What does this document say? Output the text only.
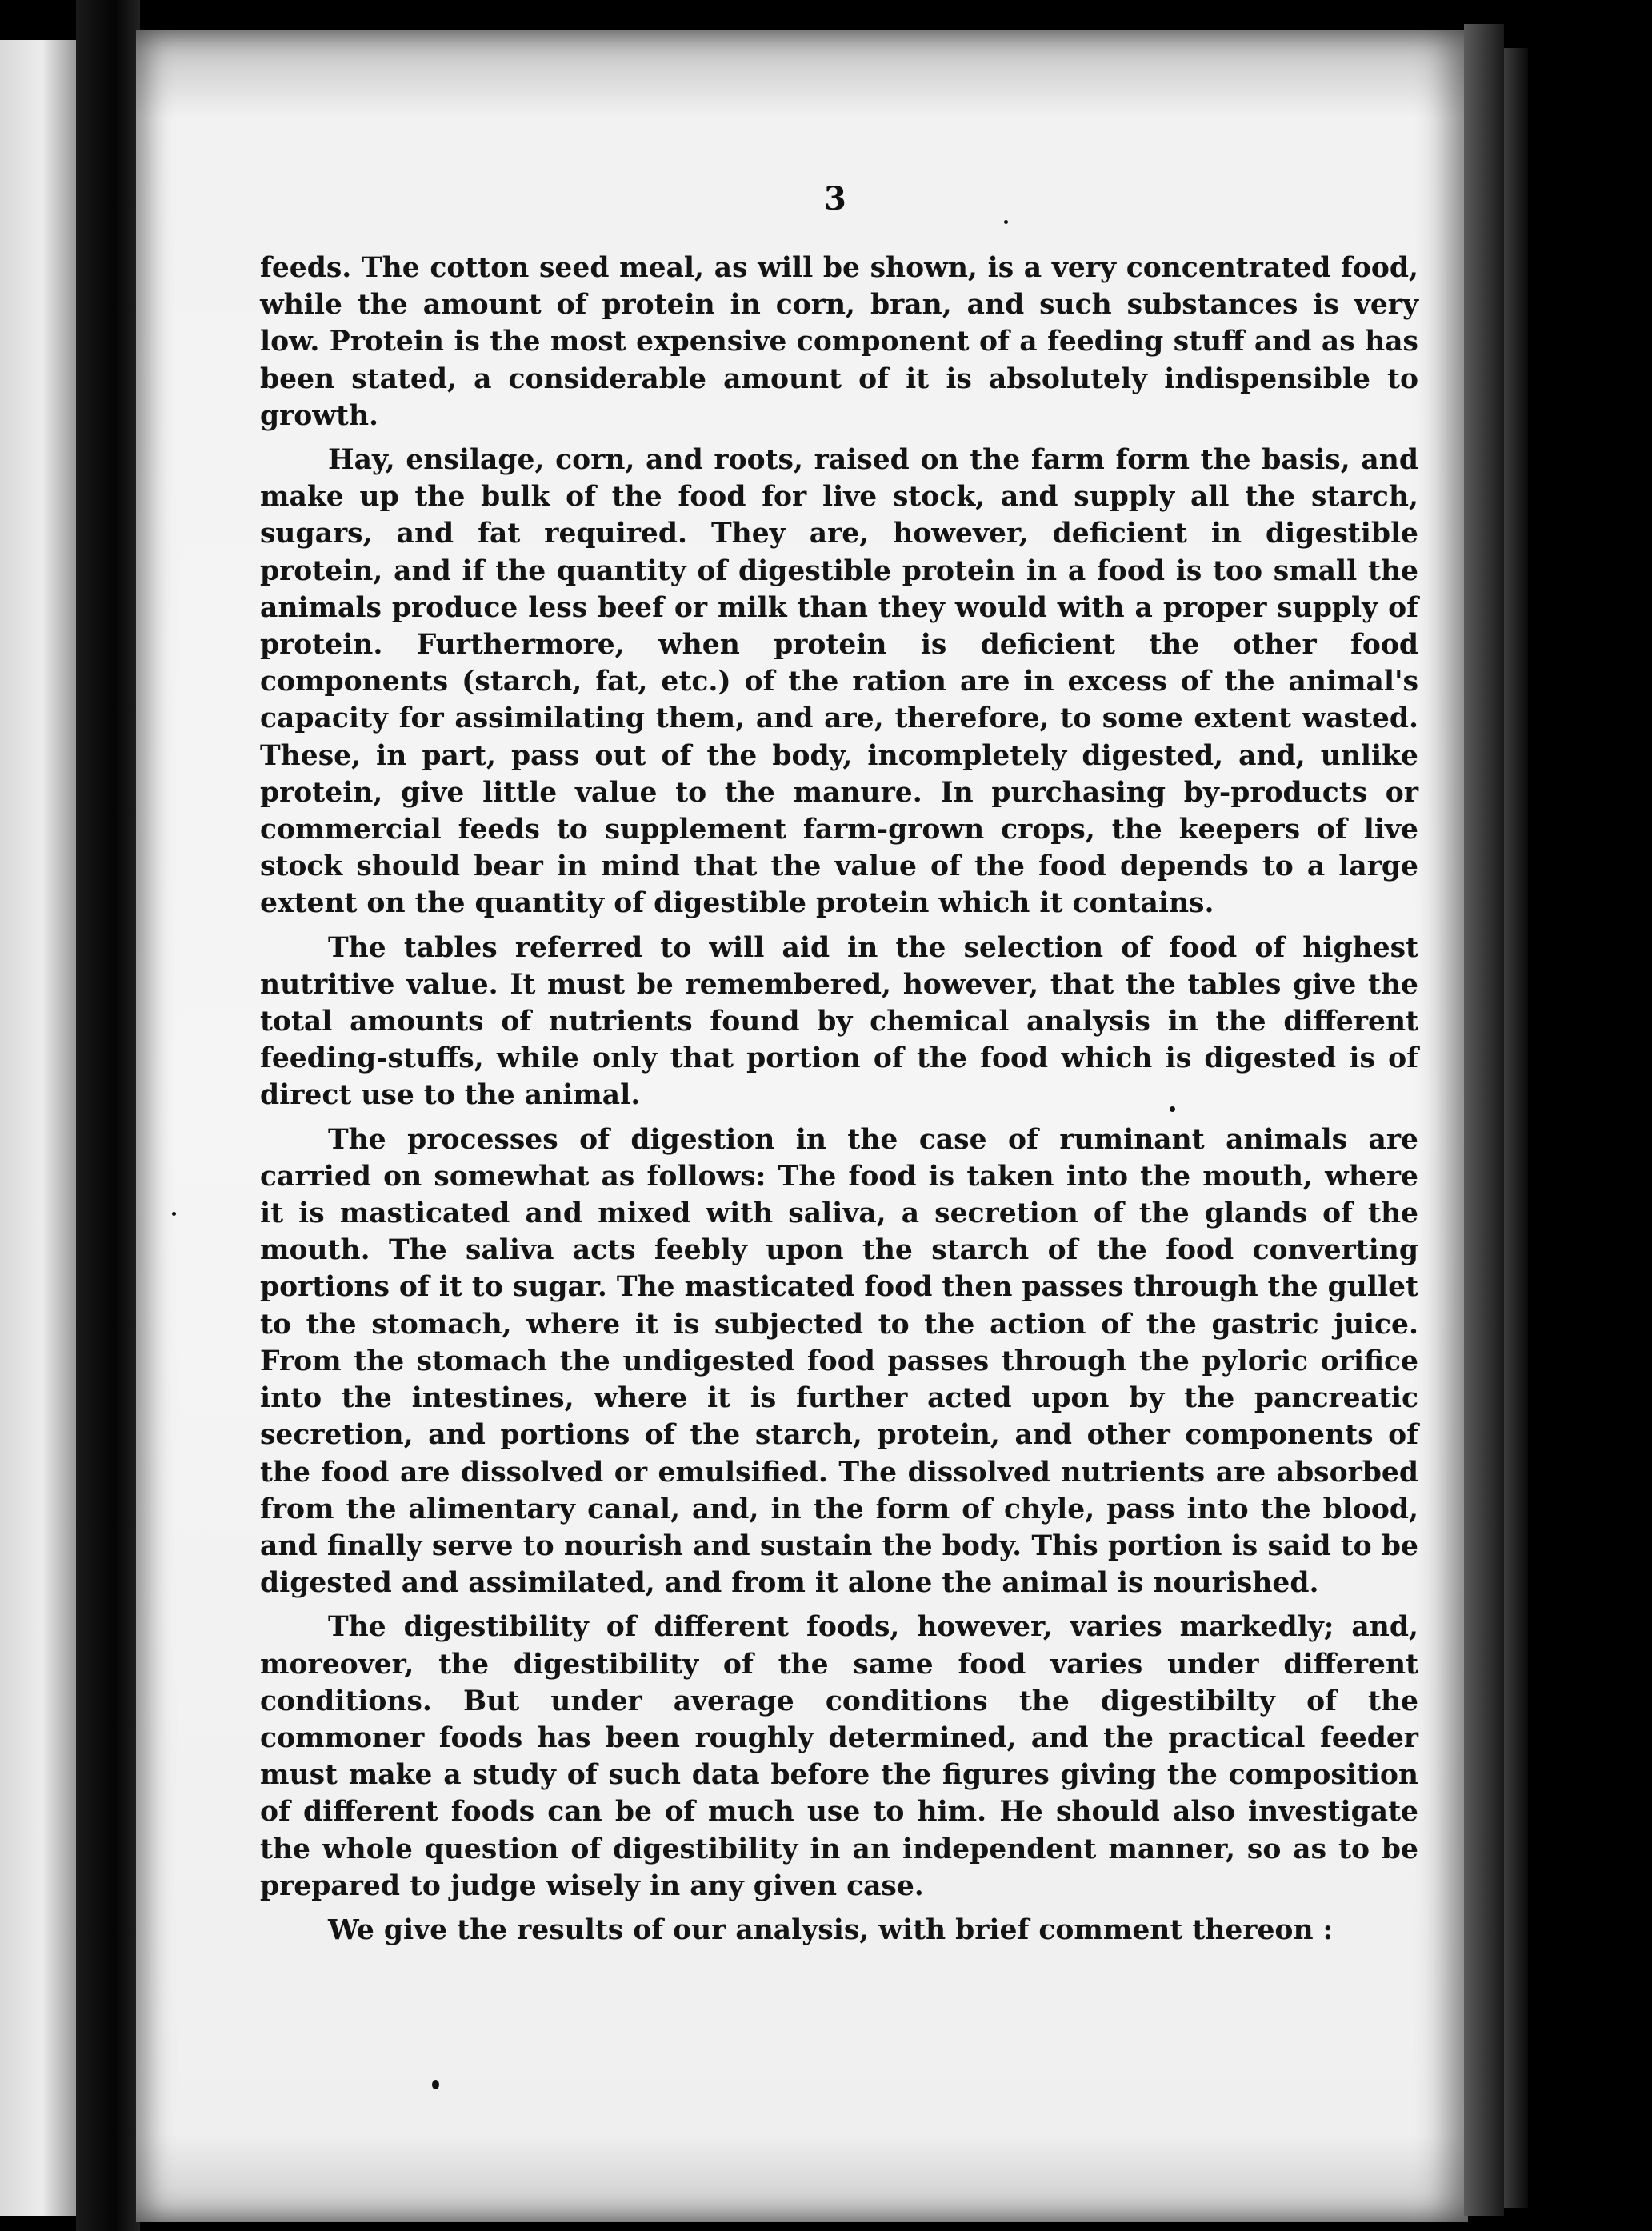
3

feeds. The cotton seed meal, as will be shown, is a very concentrated food, while the amount of protein in corn, bran, and such substances is very low. Protein is the most expensive component of a feeding stuff and as has been stated, a considerable amount of it is absolutely indispensible to growth.

Hay, ensilage, corn, and roots, raised on the farm form the basis, and make up the bulk of the food for live stock, and supply all the starch, sugars, and fat required. They are, however, deficient in digestible protein, and if the quantity of digestible protein in a food is too small the animals produce less beef or milk than they would with a proper supply of protein. Furthermore, when protein is deficient the other food components (starch, fat, etc.) of the ration are in excess of the animal's capacity for assimilating them, and are, therefore, to some extent wasted. These, in part, pass out of the body, incompletely digested, and, unlike protein, give little value to the manure. In purchasing by-products or commercial feeds to supplement farm-grown crops, the keepers of live stock should bear in mind that the value of the food depends to a large extent on the quantity of digestible protein which it contains.

The tables referred to will aid in the selection of food of highest nutritive value. It must be remembered, however, that the tables give the total amounts of nutrients found by chemical analysis in the different feeding-stuffs, while only that portion of the food which is digested is of direct use to the animal.

The processes of digestion in the case of ruminant animals are carried on somewhat as follows: The food is taken into the mouth, where it is masticated and mixed with saliva, a secretion of the glands of the mouth. The saliva acts feebly upon the starch of the food converting portions of it to sugar. The masticated food then passes through the gullet to the stomach, where it is subjected to the action of the gastric juice. From the stomach the undigested food passes through the pyloric orifice into the intestines, where it is further acted upon by the pancreatic secretion, and portions of the starch, protein, and other components of the food are dissolved or emulsified. The dissolved nutrients are absorbed from the alimentary canal, and, in the form of chyle, pass into the blood, and finally serve to nourish and sustain the body. This portion is said to be digested and assimilated, and from it alone the animal is nourished.

The digestibility of different foods, however, varies markedly; and, moreover, the digestibility of the same food varies under different conditions. But under average conditions the digestibilty of the commoner foods has been roughly determined, and the practical feeder must make a study of such data before the figures giving the composition of different foods can be of much use to him. He should also investigate the whole question of digestibility in an independent manner, so as to be prepared to judge wisely in any given case.

We give the results of our analysis, with brief comment thereon :
